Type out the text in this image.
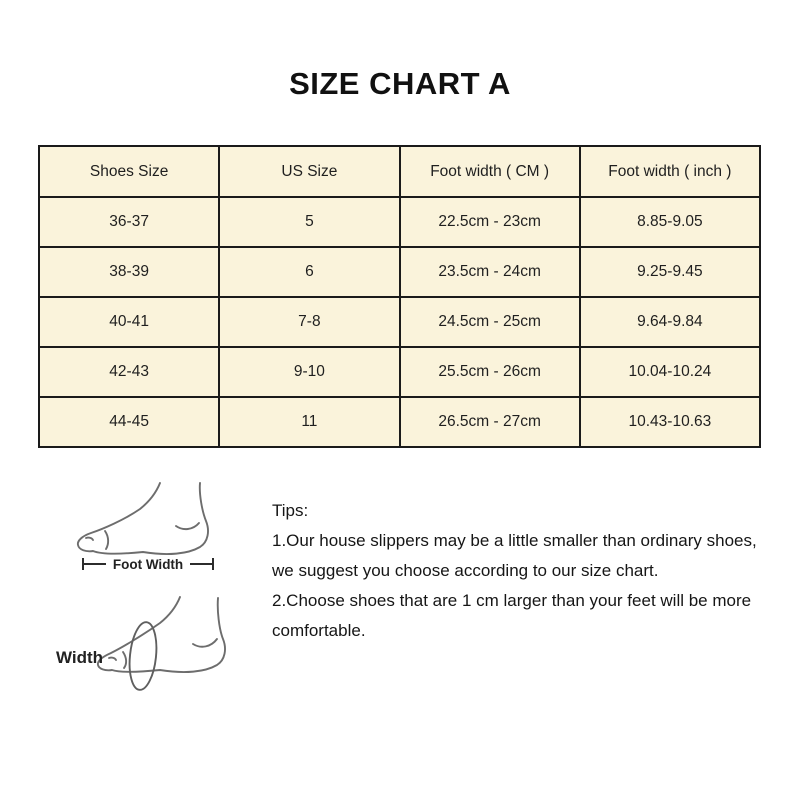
SIZE CHART A
Shoes Size	US Size	Foot width ( CM )	Foot width ( inch )
36-37	5	22.5cm - 23cm	8.85-9.05
38-39	6	23.5cm - 24cm	9.25-9.45
40-41	7-8	24.5cm - 25cm	9.64-9.84
42-43	9-10	25.5cm - 26cm	10.04-10.24
44-45	11	26.5cm - 27cm	10.43-10.63
Foot Width
Width

Tips:

1.Our house slippers may be a little smaller than ordinary shoes, we suggest you choose according to our size chart.

2.Choose shoes that are 1 cm larger than your feet will be more comfortable.
